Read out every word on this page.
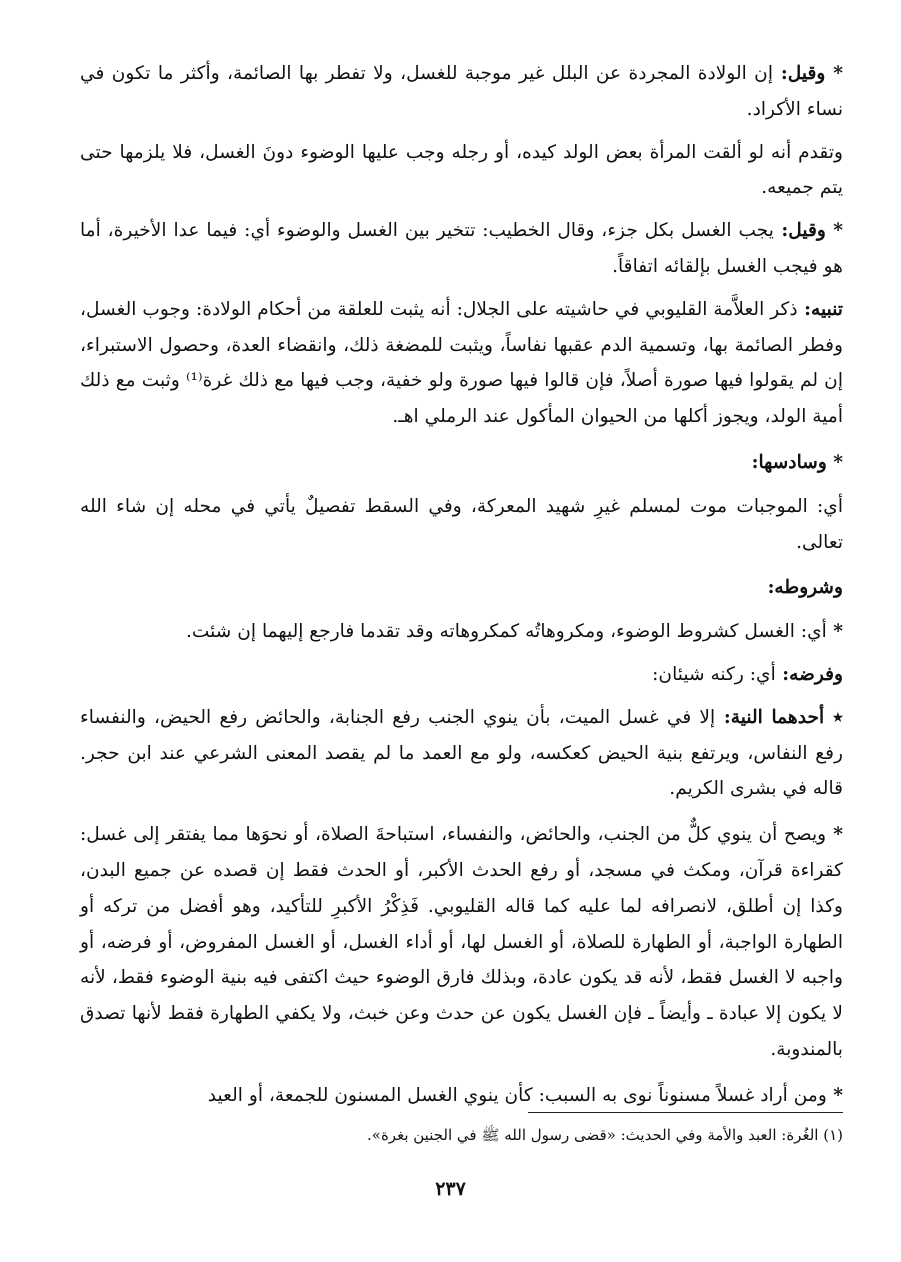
* وقيل: إن الولادة المجردة عن البلل غير موجبة للغسل، ولا تفطر بها الصائمة، وأكثر ما تكون في نساء الأكراد.

وتقدم أنه لو ألقت المرأة بعض الولد كيده، أو رجله وجب عليها الوضوء دونَ الغسل، فلا يلزمها حتى يتم جميعه.

* وقيل: يجب الغسل بكل جزء، وقال الخطيب: تتخير بين الغسل والوضوء أي: فيما عدا الأخيرة، أما هو فيجب الغسل بإلقائه اتفاقاً.

تنبيه: ذكر العلاَّمة القليوبي في حاشيته على الجلال: أنه يثبت للعلقة من أحكام الولادة: وجوب الغسل، وفطر الصائمة بها، وتسمية الدم عقبها نفاساً، ويثبت للمضغة ذلك، وانقضاء العدة، وحصول الاستبراء، إن لم يقولوا فيها صورة أصلاً، فإن قالوا فيها صورة ولو خفية، وجب فيها مع ذلك غرة⁽¹⁾ وثبت مع ذلك أمية الولد، ويجوز أكلها من الحيوان المأكول عند الرملي اهـ.

* وسادسها:

أي: الموجبات موت لمسلم غيرِ شهيد المعركة، وفي السقط تفصيلٌ يأتي في محله إن شاء الله تعالى.

وشروطه:

* أي: الغسل كشروط الوضوء، ومكروهاتُه كمكروهاته وقد تقدما فارجع إليهما إن شئت.

وفرضه: أي: ركنه شيئان:

٭ أحدهما النية: إلا في غسل الميت، بأن ينوي الجنب رفع الجنابة، والحائض رفع الحيض، والنفساء رفع النفاس، ويرتفع بنية الحيض كعكسه، ولو مع العمد ما لم يقصد المعنى الشرعي عند ابن حجر. قاله في بشرى الكريم.

* ويصح أن ينوي كلٌّ من الجنب، والحائض، والنفساء، استباحةَ الصلاة، أو نحوَها مما يفتقر إلى غسل: كقراءة قرآن، ومكث في مسجد، أو رفع الحدث الأكبر، أو الحدث فقط إن قصده عن جميع البدن، وكذا إن أطلق، لانصرافه لما عليه كما قاله القليوبي. فَذِكْرُ الأكبرِ للتأكيد، وهو أفضل من تركه أو الطهارة الواجبة، أو الطهارة للصلاة، أو الغسل لها، أو أداء الغسل، أو الغسل المفروض، أو فرضه، أو واجبه لا الغسل فقط، لأنه قد يكون عادة، وبذلك فارق الوضوء حيث اكتفى فيه بنية الوضوء فقط، لأنه لا يكون إلا عبادة ـ وأيضاً ـ فإن الغسل يكون عن حدث وعن خبث، ولا يكفي الطهارة فقط لأنها تصدق بالمندوبة.

* ومن أراد غسلاً مسنوناً نوى به السبب: كأن ينوي الغسل المسنون للجمعة، أو العيد

(١) الغُرة: العبد والأمة وفي الحديث: «قضى رسول الله ﷺ في الجنين بغرة».
٢٣٧
